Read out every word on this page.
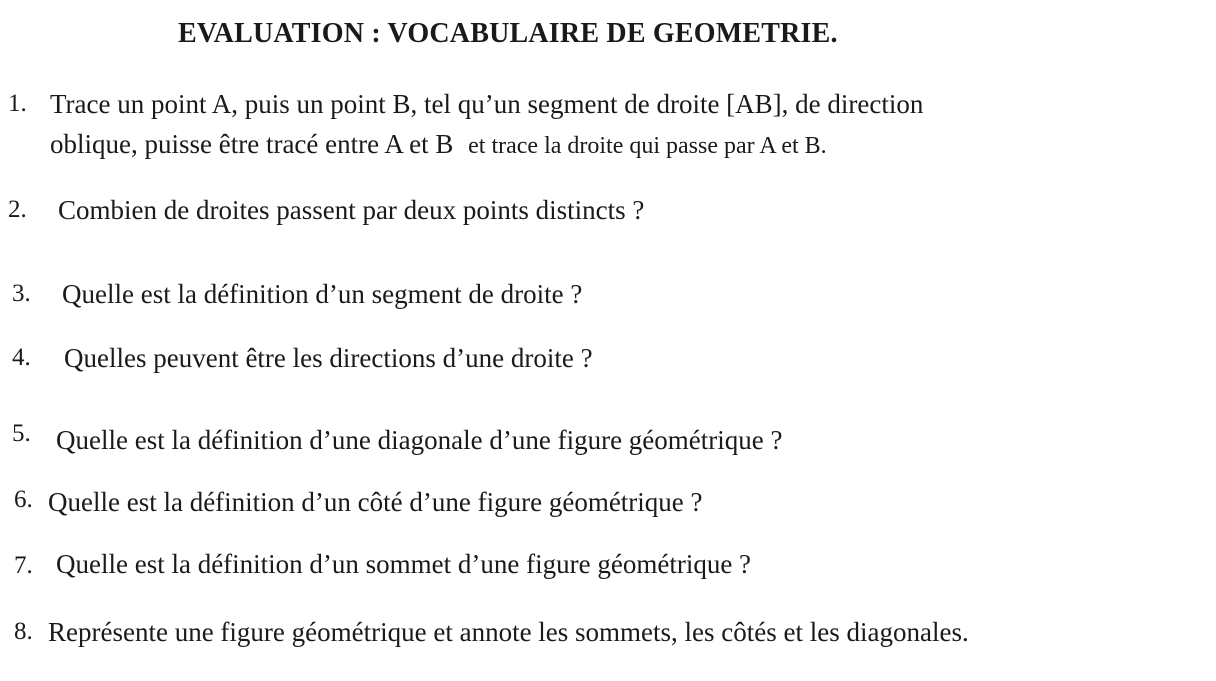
EVALUATION : VOCABULAIRE DE GEOMETRIE.
1. Trace un point A, puis un point B, tel qu’un segment de droite [AB], de direction
oblique, puisse être tracé entre A et B et trace la droite qui passe par A et B.
2. Combien de droites passent par deux points distincts ?
3. Quelle est la définition d’un segment de droite ?
4. Quelles peuvent être les directions d’une droite ?
5. Quelle est la définition d’une diagonale d’une figure géométrique ?
6. Quelle est la définition d’un côté d’une figure géométrique ?
7. Quelle est la définition d’un sommet d’une figure géométrique ?
8. Représente une figure géométrique et annote les sommets, les côtés et les diagonales.
